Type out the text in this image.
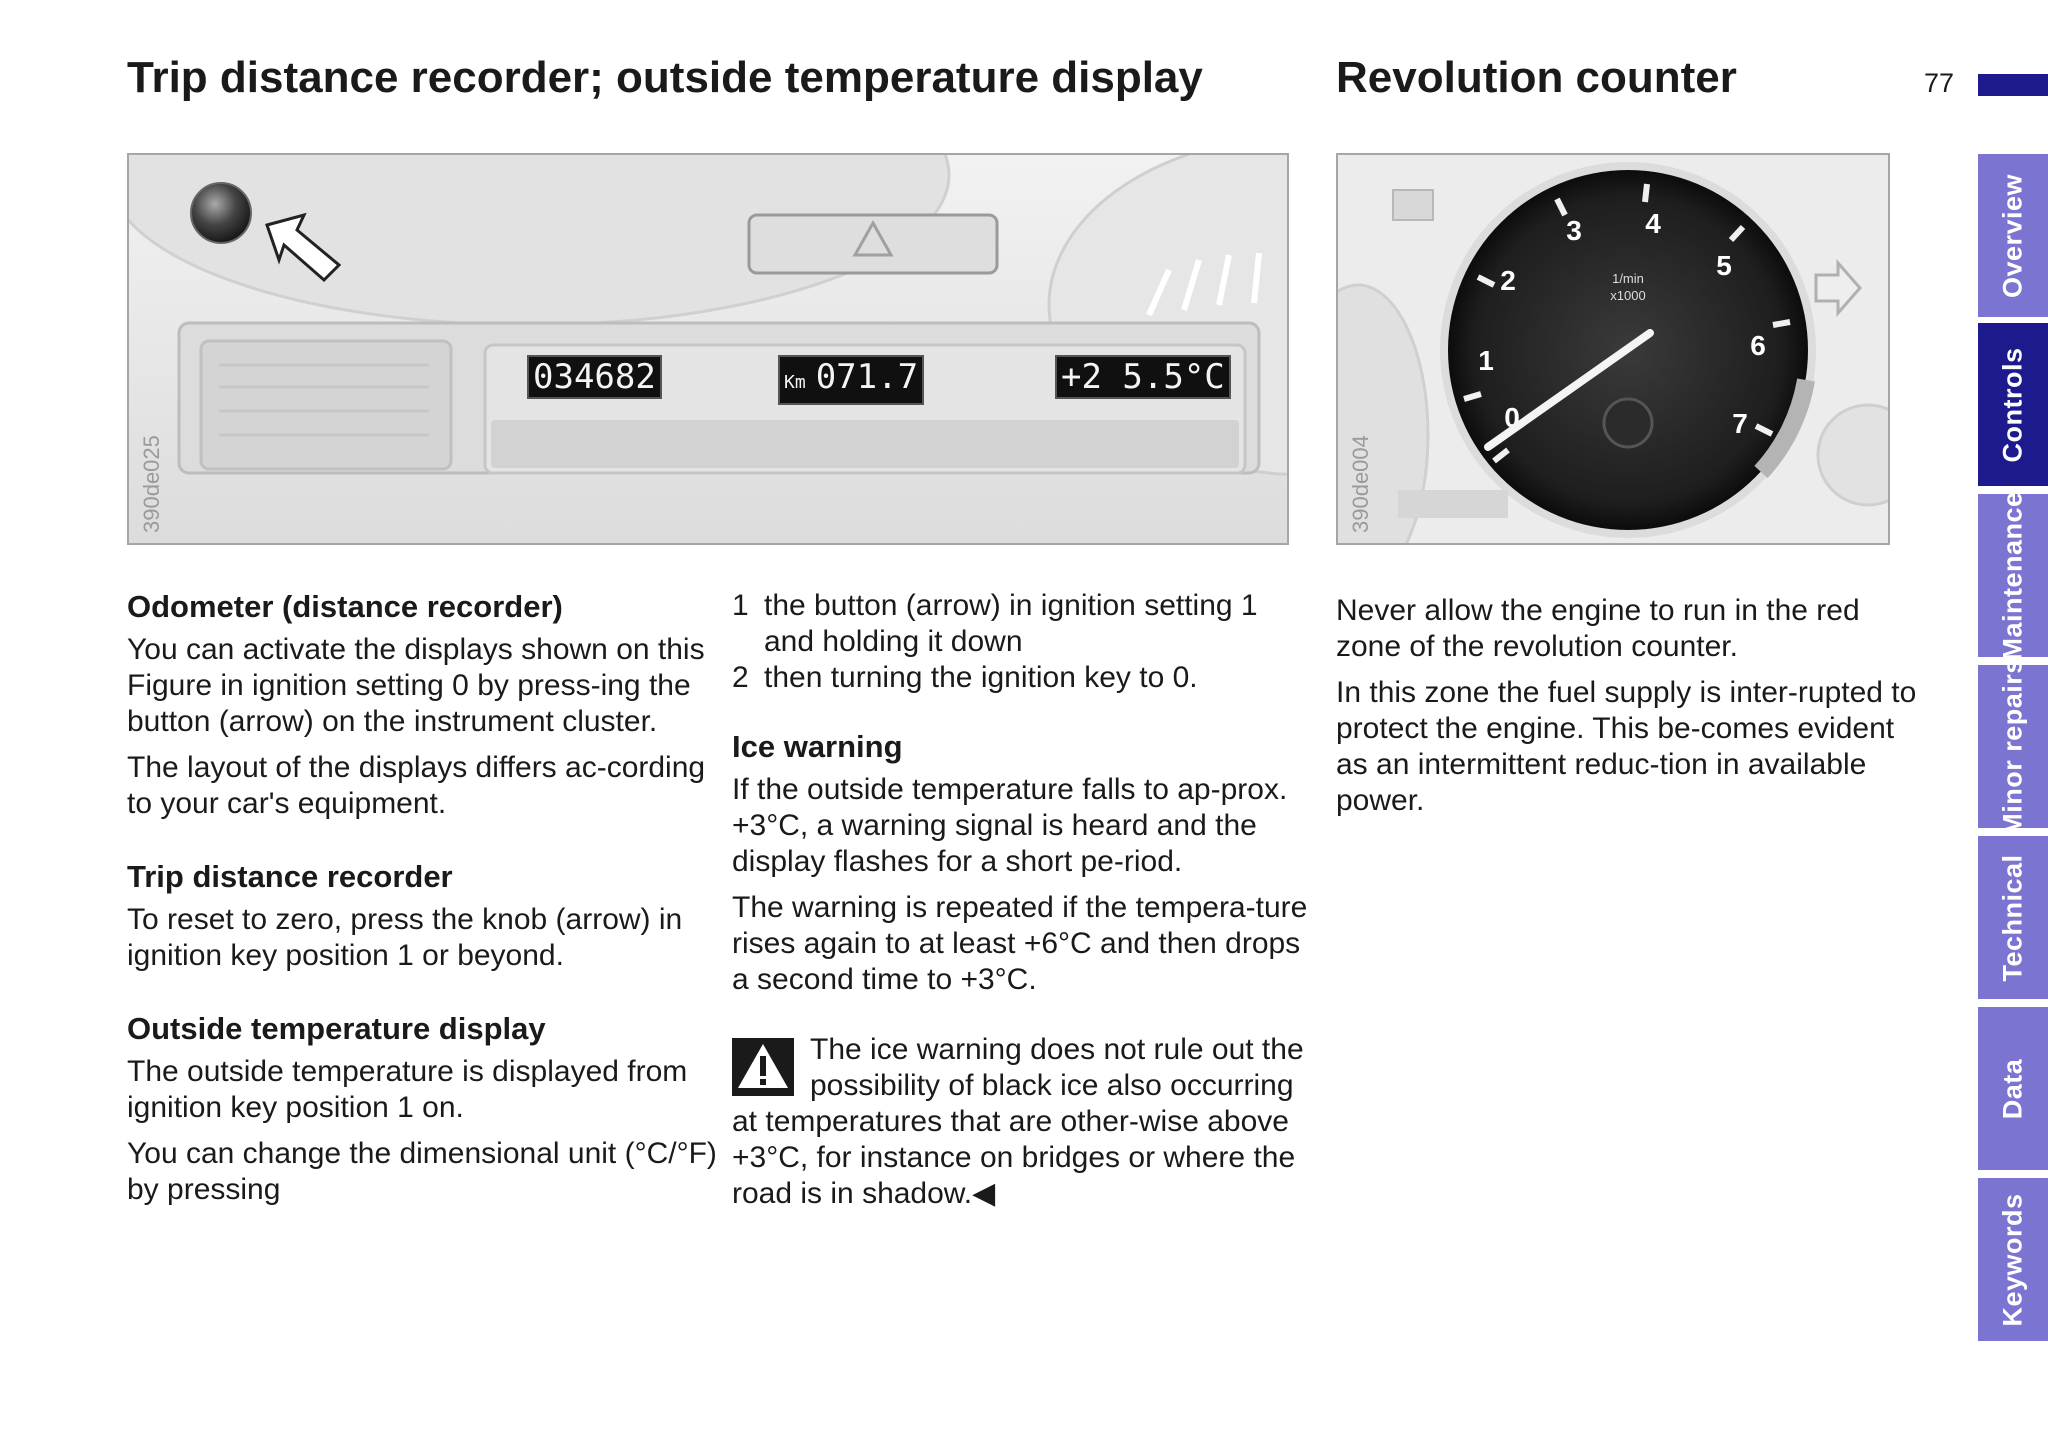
Trip distance recorder; outside temperature display	Revolution counter	77
034682	Km 071.7	+2 5.5°C
390de025
0
1
2
3 4
5
6
7
1/min
x1000
390de004
Odometer (distance recorder)

You can activate the displays shown on this Figure in ignition setting 0 by press-ing the button (arrow) on the instrument cluster.

The layout of the displays differs ac-cording to your car's equipment.

Trip distance recorder

To reset to zero, press the knob (arrow) in ignition key position 1 or beyond.

Outside temperature display

The outside temperature is displayed from ignition key position 1 on.

You can change the dimensional unit (°C/°F) by pressing

1 the button (arrow) in ignition setting 1 and holding it down
2 then turning the ignition key to 0.
Ice warning

If the outside temperature falls to ap-prox. +3°C, a warning signal is heard and the display flashes for a short pe-riod.

The warning is repeated if the tempera-ture rises again to at least +6°C and then drops a second time to +3°C.

The ice warning does not rule out the possibility of black ice also occurring at temperatures that are other-wise above +3°C, for instance on bridges or where the road is in shadow.◀

Never allow the engine to run in the red zone of the revolution counter.

In this zone the fuel supply is inter-rupted to protect the engine. This be-comes evident as an intermittent reduc-tion in available power.

Overview
Controls
Maintenance
Minor repairs
Technical
Data
Keywords
